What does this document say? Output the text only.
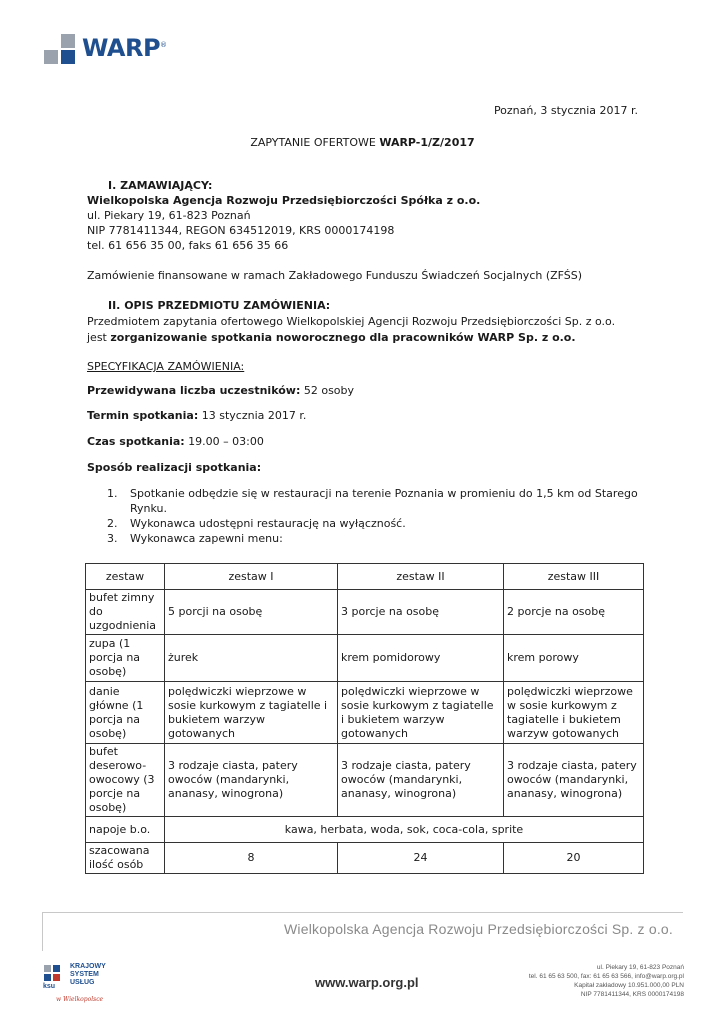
WARP®
Poznań, 3 stycznia 2017 r.
ZAPYTANIE OFERTOWE WARP-1/Z/2017
I. ZAMAWIAJĄCY:
Wielkopolska Agencja Rozwoju Przedsiębiorczości Spółka z o.o.
ul. Piekary 19, 61-823 Poznań
NIP 7781411344, REGON 634512019, KRS 0000174198
tel. 61 656 35 00, faks 61 656 35 66
Zamówienie finansowane w ramach Zakładowego Funduszu Świadczeń Socjalnych (ZFŚS)
II. OPIS PRZEDMIOTU ZAMÓWIENIA:
Przedmiotem zapytania ofertowego Wielkopolskiej Agencji Rozwoju Przedsiębiorczości Sp. z o.o.
jest zorganizowanie spotkania noworocznego dla pracowników WARP Sp. z o.o.
SPECYFIKACJA ZAMÓWIENIA:
Przewidywana liczba uczestników: 52 osoby
Termin spotkania: 13 stycznia 2017 r.
Czas spotkania: 19.00 – 03:00
Sposób realizacji spotkania:
1. Spotkanie odbędzie się w restauracji na terenie Poznania w promieniu do 1,5 km od Starego Rynku.
2. Wykonawca udostępni restaurację na wyłączność.
3. Wykonawca zapewni menu:
zestaw	zestaw I	zestaw II	zestaw III
bufet zimny do uzgodnienia	5 porcji na osobę	3 porcje na osobę	2 porcje na osobę
zupa (1 porcja na osobę)	żurek	krem pomidorowy	krem porowy
danie główne (1 porcja na osobę)	polędwiczki wieprzowe w sosie kurkowym z tagiatelle i bukietem warzyw gotowanych	polędwiczki wieprzowe w sosie kurkowym z tagiatelle i bukietem warzyw gotowanych	polędwiczki wieprzowe w sosie kurkowym z tagiatelle i bukietem warzyw gotowanych
bufet deserowo-owocowy (3 porcje na osobę)	3 rodzaje ciasta, patery owoców (mandarynki, ananasy, winogrona)	3 rodzaje ciasta, patery owoców (mandarynki, ananasy, winogrona)	3 rodzaje ciasta, patery owoców (mandarynki, ananasy, winogrona)
napoje b.o.	kawa, herbata, woda, sok, coca-cola, sprite		
szacowana ilość osób	8	24	20
Wielkopolska Agencja Rozwoju Przedsiębiorczości Sp. z o.o.
ksu
KRAJOWY
SYSTEM
USŁUG
w Wielkopolsce
www.warp.org.pl
ul. Piekary 19, 61-823 Poznań
tel. 61 65 63 500, fax: 61 65 63 566, info@warp.org.pl
Kapitał zakładowy 10.951.000,00 PLN
NIP 7781411344, KRS 0000174198
